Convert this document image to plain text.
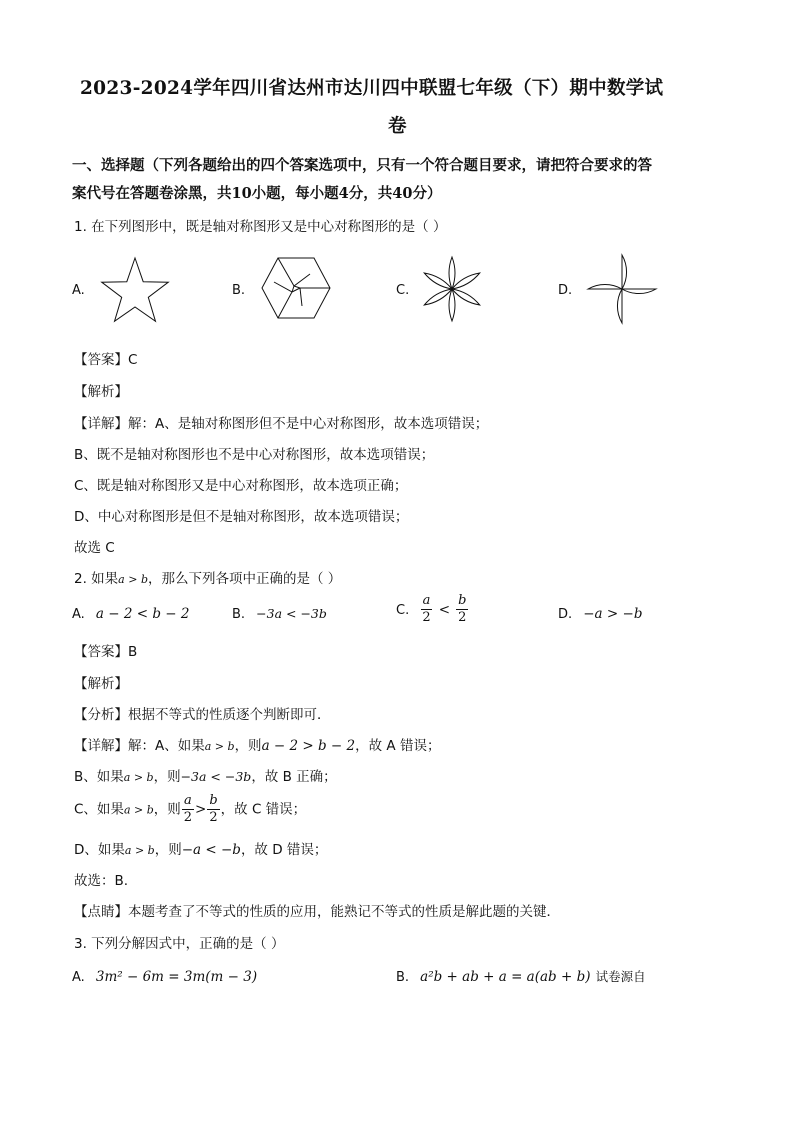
2023-2024学年四川省达州市达川四中联盟七年级（下）期中数学试
卷
一、选择题（下列各题给出的四个答案选项中，只有一个符合题目要求，请把符合要求的答
案代号在答题卷涂黑，共10小题，每小题4分，共40分）
1. 在下列图形中，既是轴对称图形又是中心对称图形的是（ ）
A.	B.	C.	D.
【答案】C
【解析】
【详解】解：A、是轴对称图形但不是中心对称图形，故本选项错误；
B、既不是轴对称图形也不是中心对称图形，故本选项错误；
C、既是轴对称图形又是中心对称图形，故本选项正确；
D、中心对称图形是但不是轴对称图形，故本选项错误；
故选 C
2. 如果a > b，那么下列各项中正确的是（ ）
A. a − 2 < b − 2	B. −3a < −3b	C. $\frac{a}{2} < \frac{b}{2}$	D. −a > −b
【答案】B
【解析】
【分析】根据不等式的性质逐个判断即可．
【详解】解：A、如果a > b，则a − 2 > b − 2，故 A 错误；
B、如果a > b，则−3a < −3b，故 B 正确；
C、如果a > b，则 $\frac{a}{2} > \frac{b}{2}$ ，故 C 错误；
D、如果a > b，则−a < −b，故 D 错误；
故选：B.
【点睛】本题考查了不等式的性质的应用，能熟记不等式的性质是解此题的关键．
3. 下列分解因式中，正确的是（ ）
A. 3m² − 6m = 3m(m − 3)	B. a²b + ab + a = a(ab + b) 试卷源自
